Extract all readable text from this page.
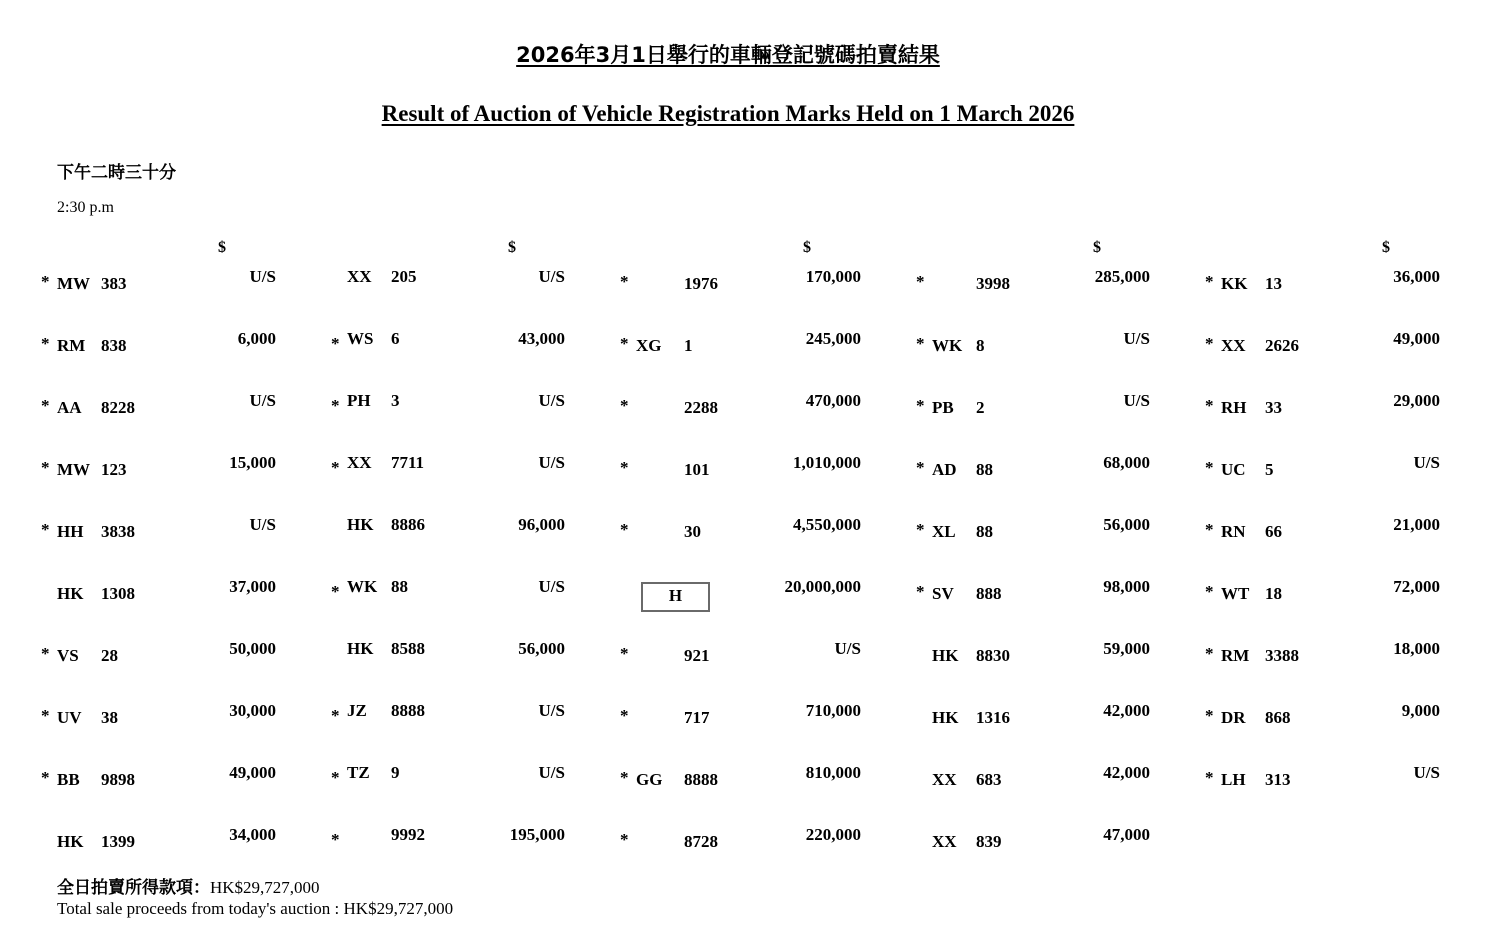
2026年3月1日舉行的車輛登記號碼拍賣結果
Result of Auction of Vehicle Registration Marks Held on 1 March 2026
下午二時三十分
2:30 p.m
$
* MW 383	U/S
* RM 838	6,000
* AA 8228	U/S
* MW 123	15,000
* HH 3838	U/S
HK 1308	37,000
* VS 28	50,000
* UV 38	30,000
* BB 9898	49,000
HK 1399	34,000
$
XX 205	U/S
* WS 6	43,000
* PH 3	U/S
* XX 7711	U/S
HK 8886	96,000
* WK 88	U/S
HK 8588	56,000
* JZ 8888	U/S
* TZ 9	U/S
*	9992	195,000
$
*	1976	170,000
* XG 1	245,000
*	2288	470,000
*	101	1,010,000
*	30	4,550,000
H	20,000,000
*	921	U/S
*	717	710,000
* GG 8888	810,000
*	8728	220,000
$
*	3998	285,000
* WK 8	U/S
* PB 2	U/S
* AD 88	68,000
* XL 88	56,000
* SV 888	98,000
HK 8830	59,000
HK 1316	42,000
XX 683	42,000
XX 839	47,000
$
* KK 13	36,000
* XX 2626	49,000
* RH 33	29,000
* UC 5	U/S
* RN 66	21,000
* WT 18	72,000
* RM 3388	18,000
* DR 868	9,000
* LH 313	U/S
全日拍賣所得款項：HK$29,727,000
Total sale proceeds from today's auction : HK$29,727,000
